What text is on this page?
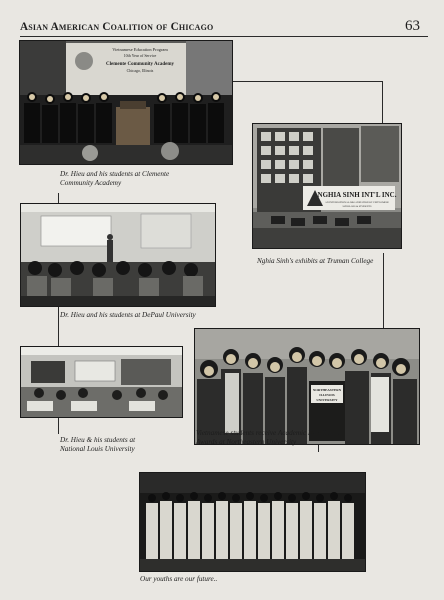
Asian American Coalition of Chicago	63
Vietnamese Education Program
10th Year of Service
Clemente Community Academy
Chicago, Illinois
Dr. Hieu and his students at Clemente
Community Academy
NGHIA SINH INT'L INC.
AN INTERNATIONAL ORGANIZATION OF VIETNAMESE
SCHOLARS & STUDENTS
Nghia Sinh's exhibits at Truman College
Dr. Hieu and his students at DePaul University
NORTHEASTERN
ILLINOIS
UNIVERSITY
Vietnamese students receive Academic Excellence
Awards at Northeastern University
Dr. Hieu & his students at
National Louis University
Our youths are our future..
